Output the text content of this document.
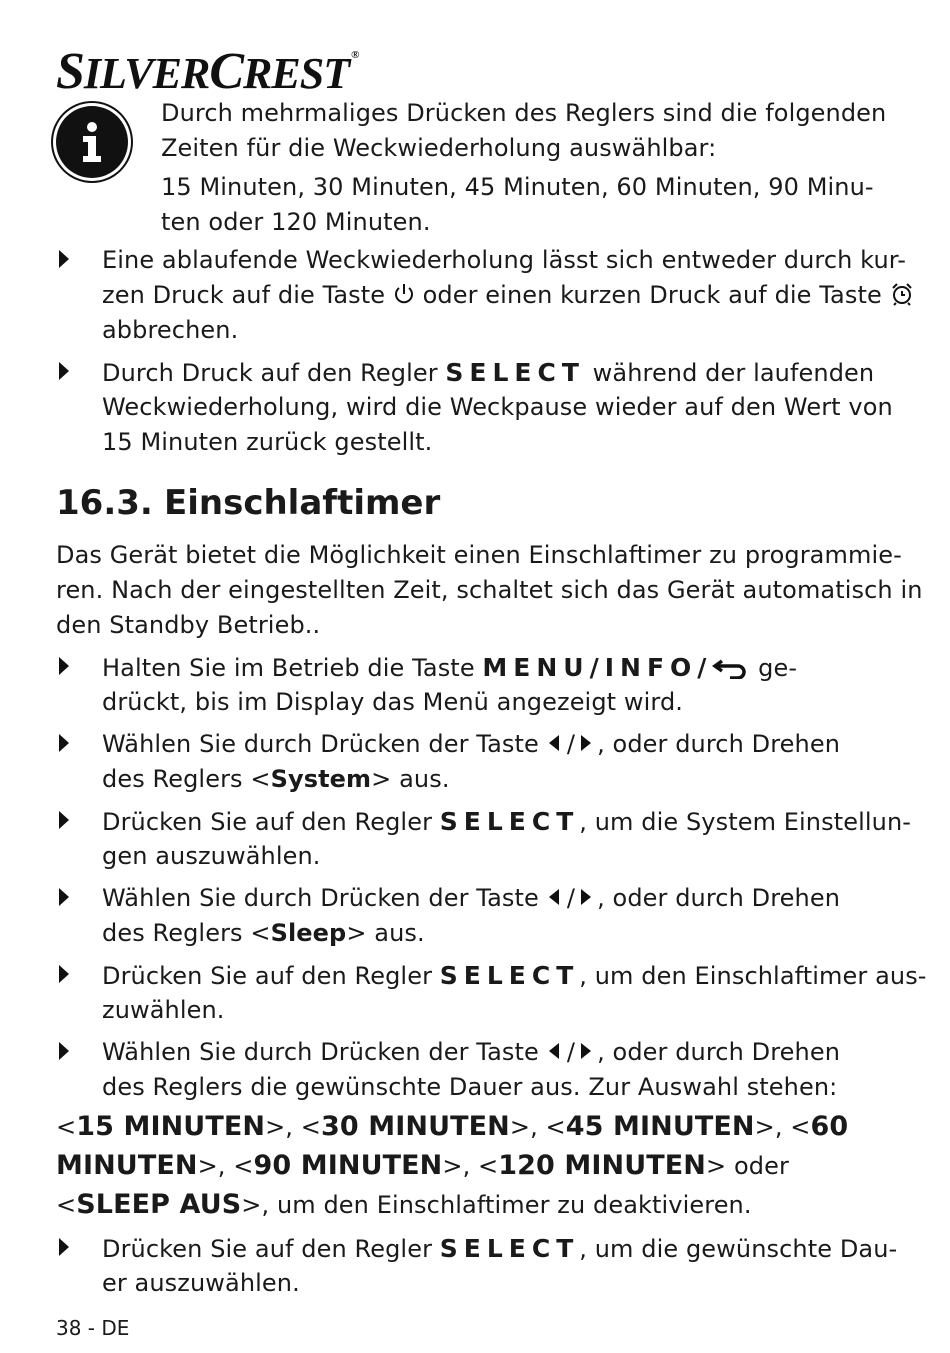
SILVERCREST ®
Durch mehrmaliges Drücken des Reglers sind die folgenden
Zeiten für die Weckwiederholung auswählbar:
15 Minuten, 30 Minuten, 45 Minuten, 60 Minuten, 90 Minu-
ten oder 120 Minuten.
Eine ablaufende Weckwiederholung lässt sich entweder durch kur-
zen Druck auf die Taste oder einen kurzen Druck auf die Taste
abbrechen.
Durch Druck auf den Regler SELECT während der laufenden
Weckwiederholung, wird die Weckpause wieder auf den Wert von
15 Minuten zurück gestellt.
16.3. Einschlaftimer
Das Gerät bietet die Möglichkeit einen Einschlaftimer zu programmie-
ren. Nach der eingestellten Zeit, schaltet sich das Gerät automatisch in
den Standby Betrieb..
Halten Sie im Betrieb die Taste MENU/INFO/ ge-
drückt, bis im Display das Menü angezeigt wird.
Wählen Sie durch Drücken der Taste / , oder durch Drehen
des Reglers <System> aus.
Drücken Sie auf den Regler SELECT, um die System Einstellun-
gen auszuwählen.
Wählen Sie durch Drücken der Taste / , oder durch Drehen
des Reglers <Sleep> aus.
Drücken Sie auf den Regler SELECT, um den Einschlaftimer aus-
zuwählen.
Wählen Sie durch Drücken der Taste / , oder durch Drehen
des Reglers die gewünschte Dauer aus. Zur Auswahl stehen:
<15 MINUTEN>, <30 MINUTEN>, <45 MINUTEN>, <60
MINUTEN>, <90 MINUTEN>, <120 MINUTEN> oder
<SLEEP AUS>, um den Einschlaftimer zu deaktivieren.
Drücken Sie auf den Regler SELECT, um die gewünschte Dau-
er auszuwählen.
38 - DE
